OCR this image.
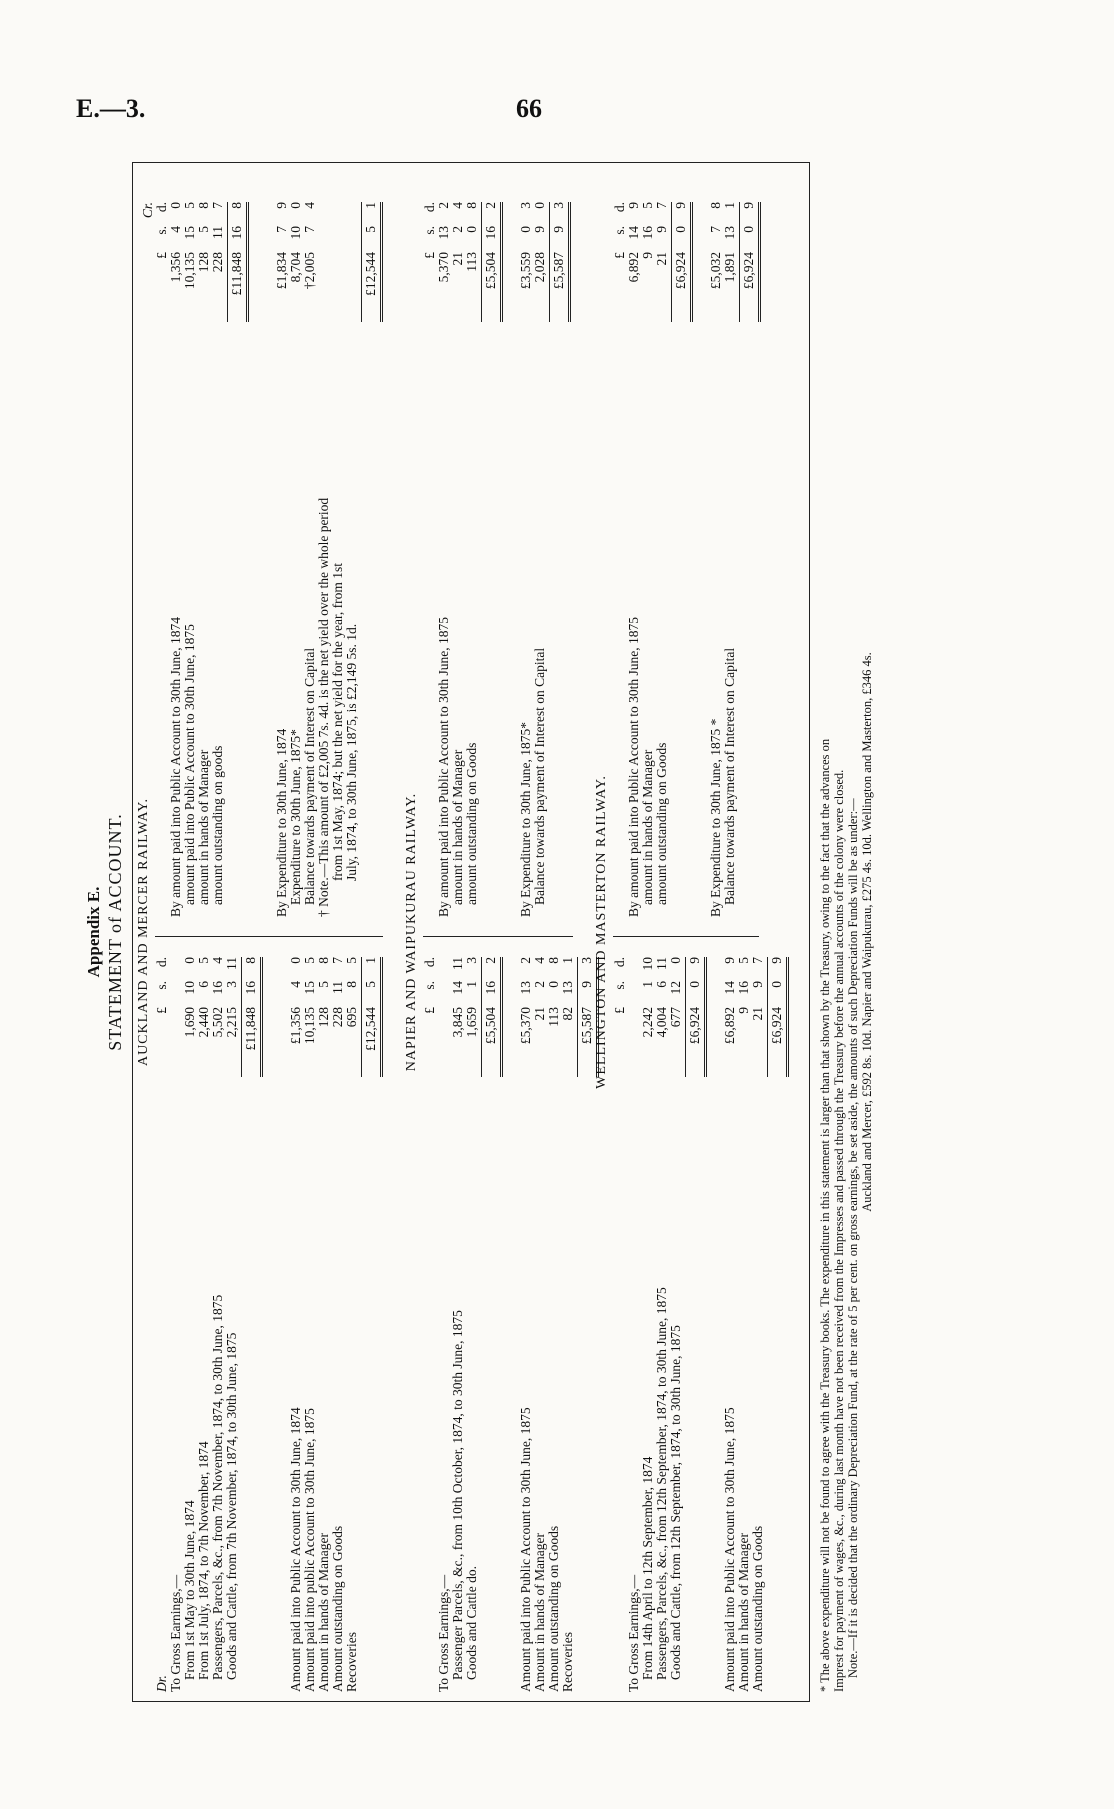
E.—3.	66
Appendix E. STATEMENT of ACCOUNT. AUCKLAND AND MERCER RAILWAY.
Dr.
£s.d.
To Gross Earnings,— From 1st May to 30th June, 1874
1,690100
From 1st July, 1874, to 7th November, 1874
2,44065
Passengers, Parcels, &c., from 7th November, 1874, to 30th June, 1875
5,502164
Goods and Cattle, from 7th November, 1874, to 30th June, 1875
2,215311
£11,848168
Amount paid into Public Account to 30th June, 1874
£1,35640
Amount paid into public Account to 30th June, 1875
10,135155
Amount in hands of Manager
12858
Amount outstanding on Goods
228117
Recoveries
69585
£12,54451
Cr.
£s.d.
By amount paid into Public Account to 30th June, 1874
1,35640
amount paid into Public Account to 30th June, 1875
10,135155
amount in hands of Manager
12858
amount outstanding on goods
228117
£11,848168
By Expenditure to 30th June, 1874
£1,83479
Expenditure to 30th June, 1875*
8,704100
Balance towards payment of Interest on Capital
†2,00574
† Note.—This amount of £2,005 7s. 4d. is the net yield over the whole period from 1st May, 1874; but the net yield for the year, from 1st July, 1874, to 30th June, 1875, is £2,149 5s. 1d.
£12,54451
NAPIER AND WAIPUKURAU RAILWAY. £s.d.
To Gross Earnings,— Passenger Parcels, &c., from 10th October, 1874, to 30th June, 1875
3,8451411
Goods and Cattle do.
1,65913
£5,504162
Amount paid into Public Account to 30th June, 1875
£5,370132
Amount in hands of Manager
2124
Amount outstanding on Goods
11308
Recoveries
82131
£5,58793
£s.d.
By amount paid into Public Account to 30th June, 1875
5,370132
amount in hands of Manager
2124
amount outstanding on Goods
11308
£5,504162
By Expenditure to 30th June, 1875*
£3,55903
Balance towards payment of Interest on Capital
2,02890
£5,58793
WELLINGTON AND MASTERTON RAILWAY. £s.d.
To Gross Earnings,— From 14th April to 12th September, 1874
2,242110
Passengers, Parcels, &c., from 12th September, 1874, to 30th June, 1875
4,004611
Goods and Cattle, from 12th September, 1874, to 30th June, 1875
677120
£6,92409
Amount paid into Public Account to 30th June, 1875
£6,892149
Amount in hands of Manager
9165
Amount outstanding on Goods
2197
£6,92409
£s.d.
By amount paid into Public Account to 30th June, 1875
6,892149
amount in hands of Manager
9165
amount outstanding on Goods
2197
£6,92409
By Expenditure to 30th June, 1875 *
£5,03278
Balance towards payment of Interest on Capital
1,891131
£6,92409
* The above expenditure will not be found to agree with the Treasury books. The expenditure in this statement is larger than that shown by the Treasury, owing to the fact that the advances on Imprest for payment of wages, &c., during last month have not been received from the Impresses and passed through the Treasury before the annual accounts of the colony were closed. Note.—If it is decided that the ordinary Depreciation Fund, at the rate of 5 per cent. on gross earnings, be set aside, the amounts of such Depreciation Funds will be as under:— Auckland and Mercer, £592 8s. 10d. Napier and Waipukurau, £275 4s. 10d. Wellington and Masterton, £346 4s.
